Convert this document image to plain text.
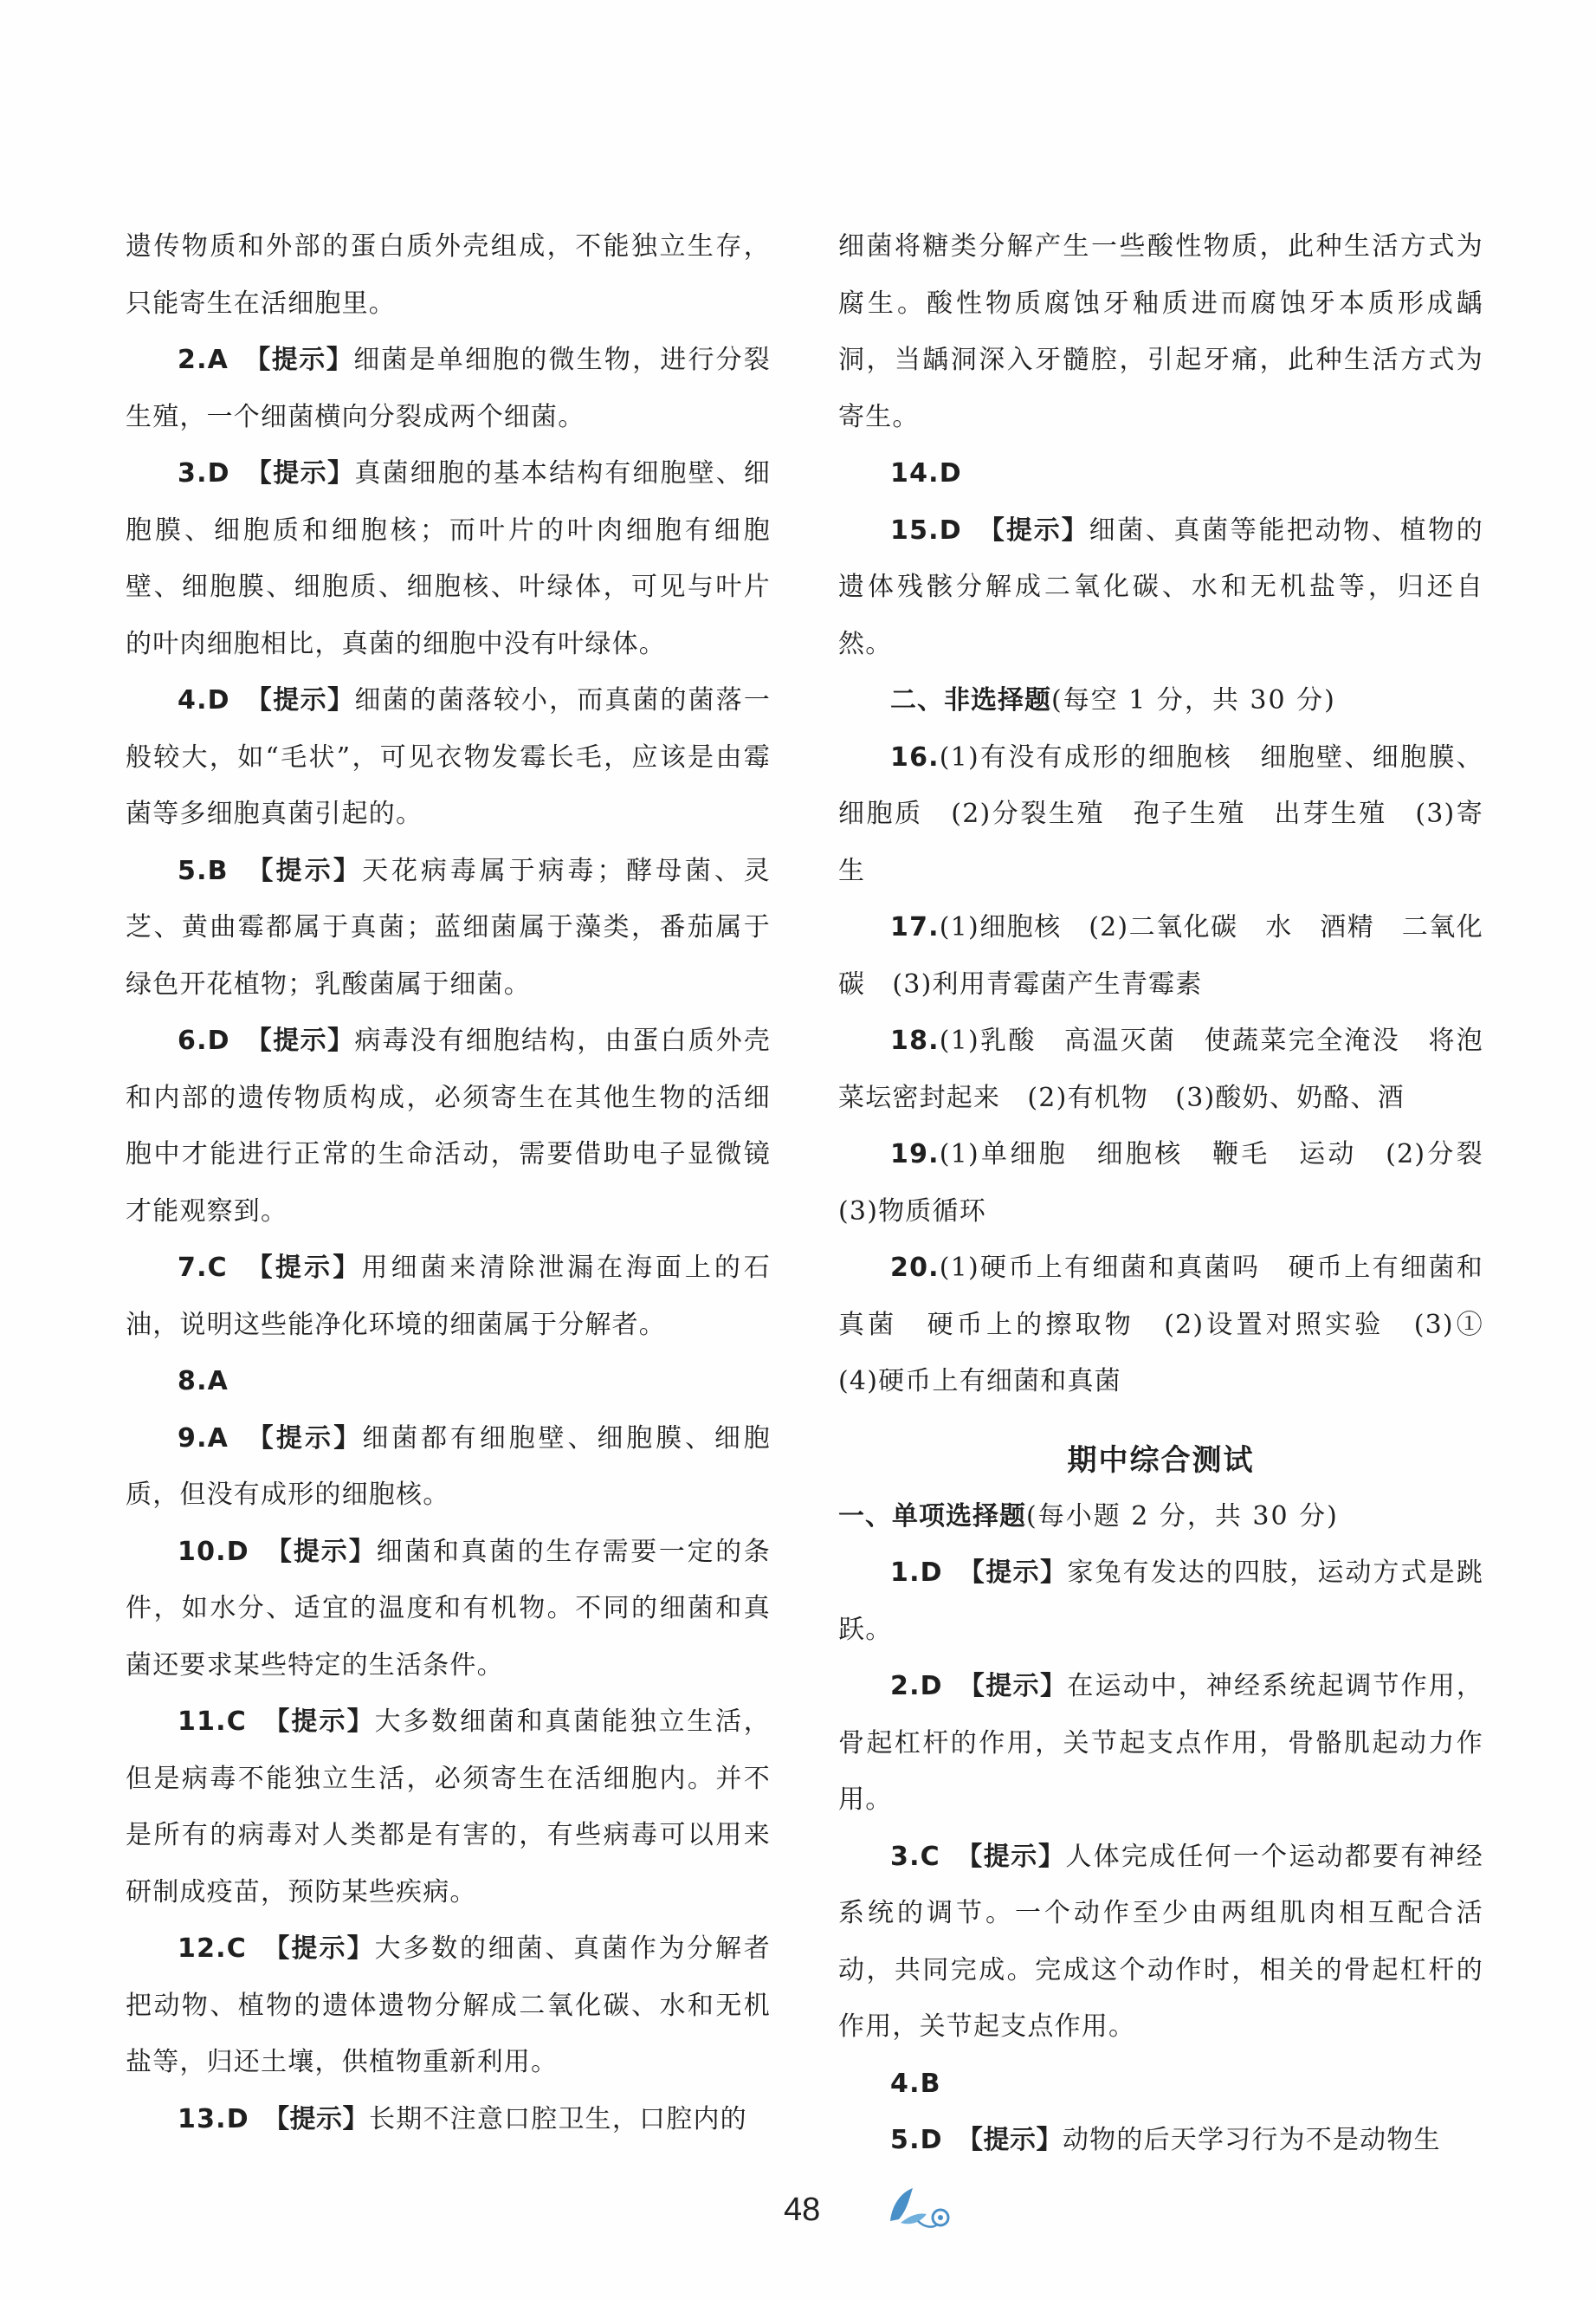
遗传物质和外部的蛋白质外壳组成，不能独立生存，只能寄生在活细胞里。

2.A　 【提示】细菌是单细胞的微生物，进行分裂生殖，一个细菌横向分裂成两个细菌。

3.D　 【提示】真菌细胞的基本结构有细胞壁、细胞膜、细胞质和细胞核；而叶片的叶肉细胞有细胞壁、细胞膜、细胞质、细胞核、叶绿体，可见与叶片的叶肉细胞相比，真菌的细胞中没有叶绿体。

4.D　 【提示】细菌的菌落较小，而真菌的菌落一般较大，如“毛状”，可见衣物发霉长毛，应该是由霉菌等多细胞真菌引起的。

5.B　 【提示】天花病毒属于病毒；酵母菌、灵芝、黄曲霉都属于真菌；蓝细菌属于藻类，番茄属于绿色开花植物；乳酸菌属于细菌。

6.D　 【提示】病毒没有细胞结构，由蛋白质外壳和内部的遗传物质构成，必须寄生在其他生物的活细胞中才能进行正常的生命活动，需要借助电子显微镜才能观察到。

7.C　 【提示】用细菌来清除泄漏在海面上的石油，说明这些能净化环境的细菌属于分解者。

8.A

9.A　 【提示】细菌都有细胞壁、细胞膜、细胞质，但没有成形的细胞核。

10.D　 【提示】细菌和真菌的生存需要一定的条件，如水分、适宜的温度和有机物。不同的细菌和真菌还要求某些特定的生活条件。

11.C　 【提示】大多数细菌和真菌能独立生活，但是病毒不能独立生活，必须寄生在活细胞内。并不是所有的病毒对人类都是有害的，有些病毒可以用来研制成疫苗，预防某些疾病。

12.C　 【提示】大多数的细菌、真菌作为分解者把动物、植物的遗体遗物分解成二氧化碳、水和无机盐等，归还土壤，供植物重新利用。

13.D　 【提示】长期不注意口腔卫生，口腔内的

细菌将糖类分解产生一些酸性物质，此种生活方式为腐生。酸性物质腐蚀牙釉质进而腐蚀牙本质形成龋洞，当龋洞深入牙髓腔，引起牙痛，此种生活方式为寄生。

14.D

15.D　 【提示】细菌、真菌等能把动物、植物的遗体残骸分解成二氧化碳、水和无机盐等，归还自然。

二、非选择题(每空 1 分，共 30 分)

16.(1)有没有成形的细胞核　细胞壁、细胞膜、细胞质　(2)分裂生殖　孢子生殖　出芽生殖　(3)寄生

17.(1)细胞核　(2)二氧化碳　水　酒精　二氧化碳　(3)利用青霉菌产生青霉素

18.(1)乳酸　高温灭菌　使蔬菜完全淹没　将泡菜坛密封起来　(2)有机物　(3)酸奶、奶酪、酒

19.(1)单细胞　细胞核　鞭毛　运动　(2)分裂　(3)物质循环

20.(1)硬币上有细菌和真菌吗　硬币上有细菌和真菌　硬币上的擦取物　(2)设置对照实验　(3)①　(4)硬币上有细菌和真菌

期中综合测试

一、单项选择题(每小题 2 分，共 30 分)

1.D　 【提示】家兔有发达的四肢，运动方式是跳跃。

2.D　 【提示】在运动中，神经系统起调节作用，骨起杠杆的作用，关节起支点作用，骨骼肌起动力作用。

3.C　 【提示】人体完成任何一个运动都要有神经系统的调节。一个动作至少由两组肌肉相互配合活动，共同完成。完成这个动作时，相关的骨起杠杆的作用，关节起支点作用。

4.B

5.D　 【提示】动物的后天学习行为不是动物生

48
